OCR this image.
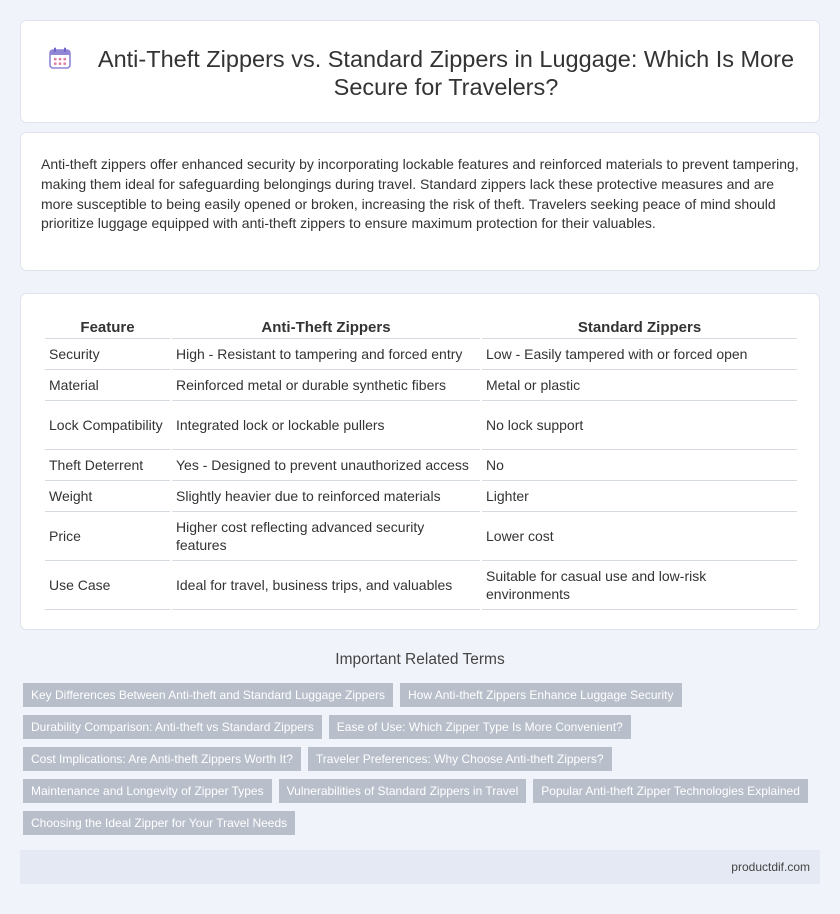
Anti-Theft Zippers vs. Standard Zippers in Luggage: Which Is More Secure for Travelers?

Anti-theft zippers offer enhanced security by incorporating lockable features and reinforced materials to prevent tampering, making them ideal for safeguarding belongings during travel. Standard zippers lack these protective measures and are more susceptible to being easily opened or broken, increasing the risk of theft. Travelers seeking peace of mind should prioritize luggage equipped with anti-theft zippers to ensure maximum protection for their valuables.

Feature	Anti-Theft Zippers	Standard Zippers
Security	High - Resistant to tampering and forced entry	Low - Easily tampered with or forced open
Material	Reinforced metal or durable synthetic fibers	Metal or plastic
Lock Compatibility	Integrated lock or lockable pullers	No lock support
Theft Deterrent	Yes - Designed to prevent unauthorized access	No
Weight	Slightly heavier due to reinforced materials	Lighter
Price	Higher cost reflecting advanced security features	Lower cost
Use Case	Ideal for travel, business trips, and valuables	Suitable for casual use and low-risk environments
Important Related Terms
Key Differences Between Anti-theft and Standard Luggage Zippers	How Anti-theft Zippers Enhance Luggage Security
Durability Comparison: Anti-theft vs Standard Zippers	Ease of Use: Which Zipper Type Is More Convenient?
Cost Implications: Are Anti-theft Zippers Worth It?	Traveler Preferences: Why Choose Anti-theft Zippers?
Maintenance and Longevity of Zipper Types	Vulnerabilities of Standard Zippers in Travel	Popular Anti-theft Zipper Technologies Explained
Choosing the Ideal Zipper for Your Travel Needs
productdif.com
